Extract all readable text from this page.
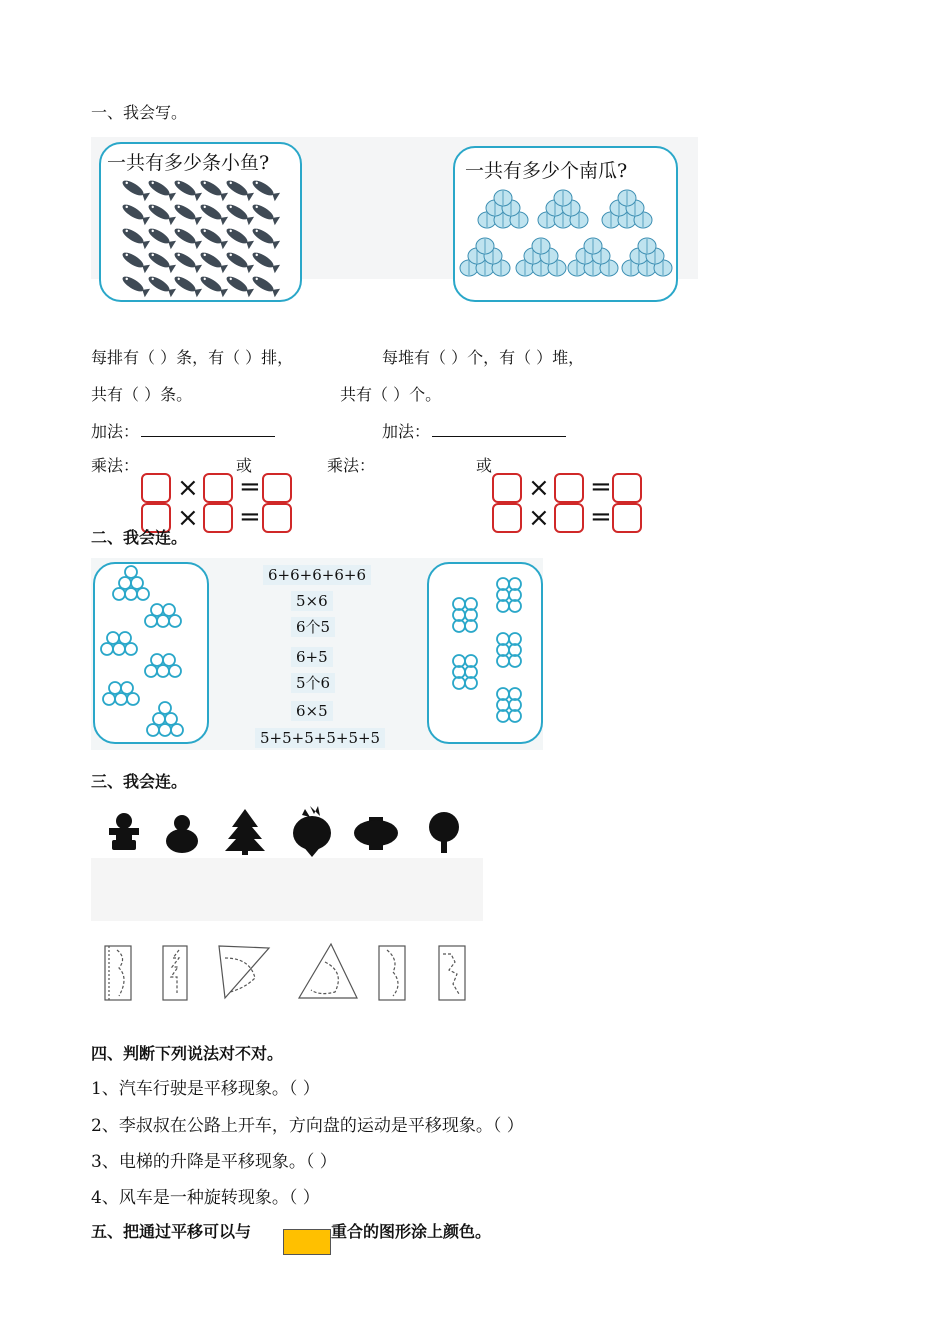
一、我会写。
一共有多少条小鱼?	一共有多少个南瓜?
每排有（ ）条，有（ ）排，
共有（ ）条。
加法：
乘法：	或
每堆有（ ）个，有（ ）堆，
共有（ ）个。
加法：
乘法：	或
× =
× =
× =
× =
二、我会连。
6+6+6+6+6
5×6
6个5
6+5
5个6
6×5
5+5+5+5+5+5
三、我会连。
四、判断下列说法对不对。
1、汽车行驶是平移现象。（ ）
2、李叔叔在公路上开车，方向盘的运动是平移现象。（ ）
3、电梯的升降是平移现象。（ ）
4、风车是一种旋转现象。（ ）
五、把通过平移可以与	重合的图形涂上颜色。
